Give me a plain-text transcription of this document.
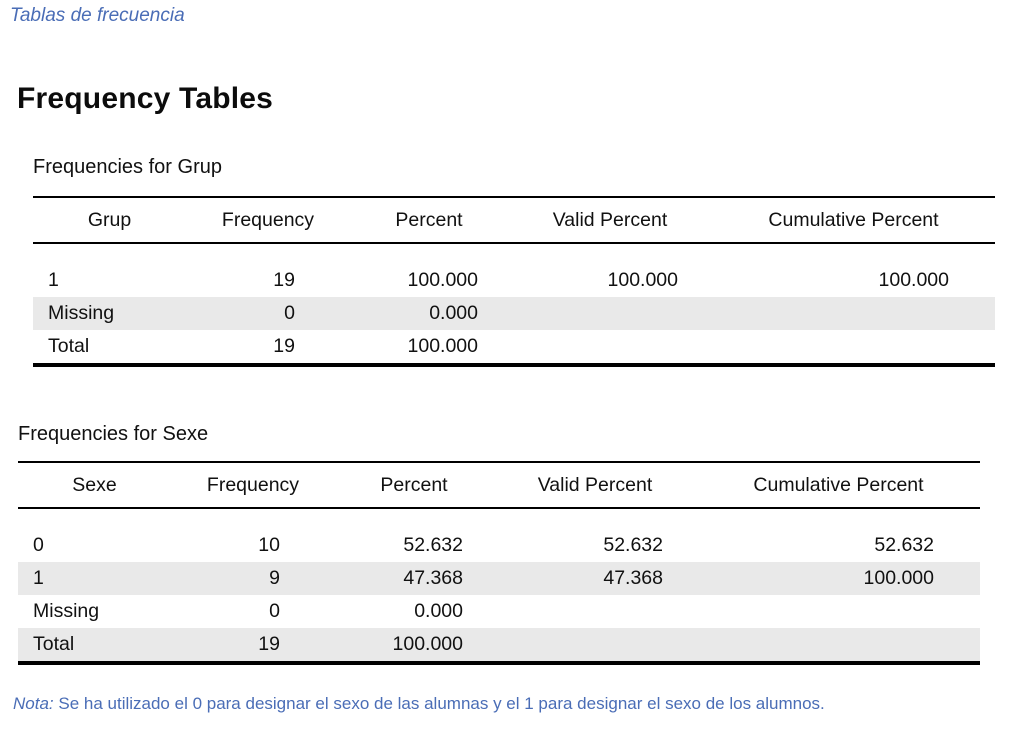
Tablas de frecuencia
Frequency Tables
Frequencies for Grup
Grup	Frequency	Percent	Valid Percent	Cumulative Percent
1	19	100.000	100.000	100.000
Missing	0	0.000		
Total	19	100.000		
Frequencies for Sexe
Sexe	Frequency	Percent	Valid Percent	Cumulative Percent
0	10	52.632	52.632	52.632
1	9	47.368	47.368	100.000
Missing	0	0.000		
Total	19	100.000		
Nota: Se ha utilizado el 0 para designar el sexo de las alumnas y el 1 para designar el sexo de los alumnos.
